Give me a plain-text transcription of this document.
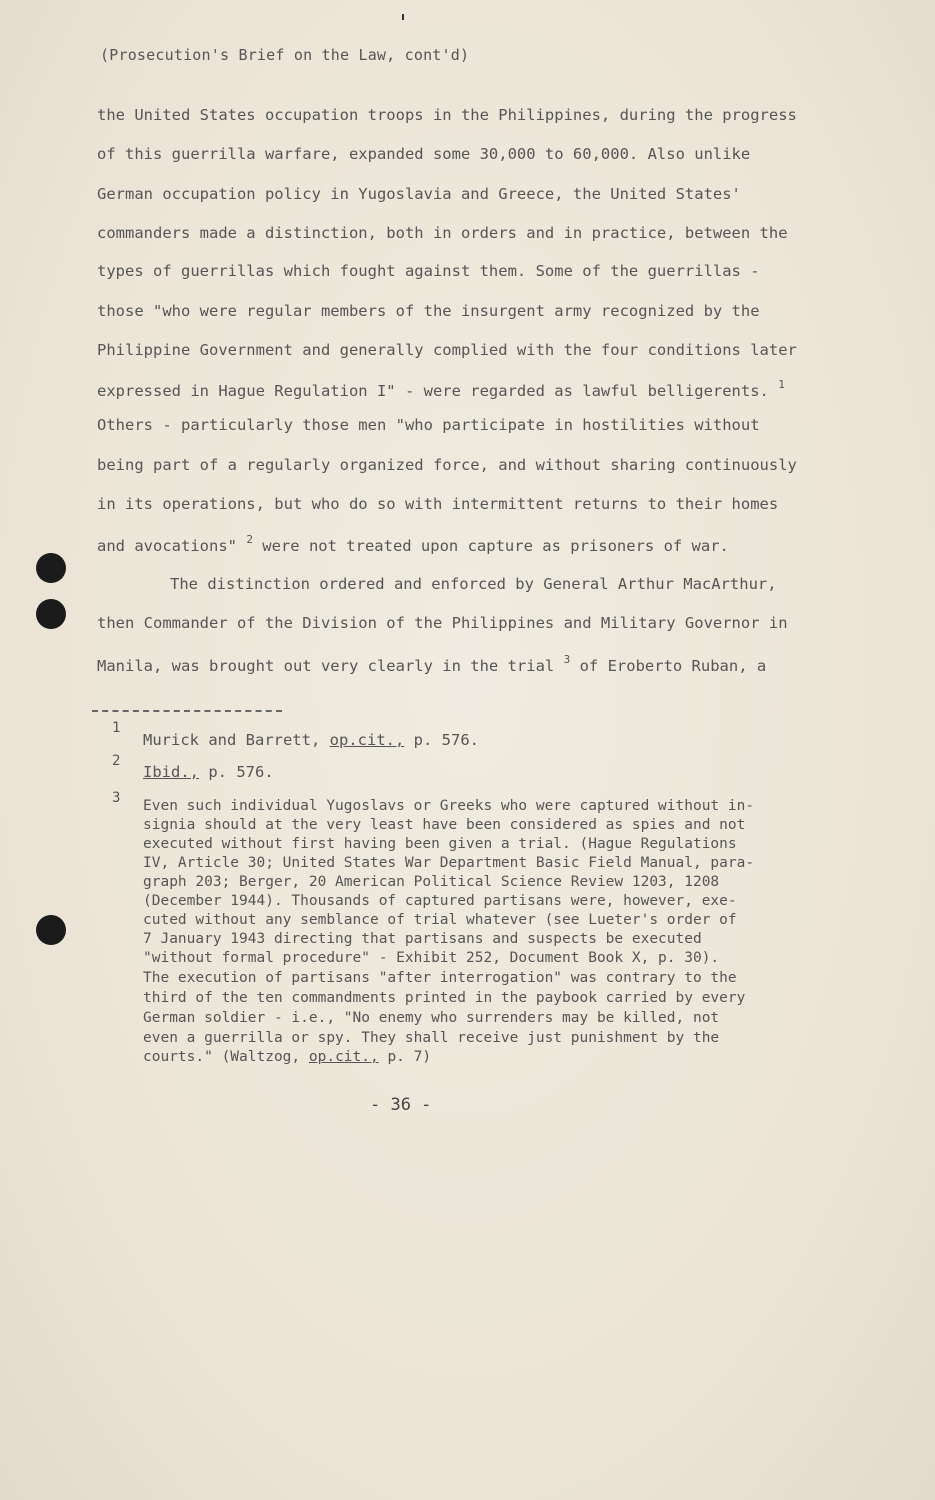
(Prosecution's Brief on the Law, cont'd)
the United States occupation troops in the Philippines, during the progress
of this guerrilla warfare, expanded some 30,000 to 60,000. Also unlike
German occupation policy in Yugoslavia and Greece, the United States'
commanders made a distinction, both in orders and in practice, between the
types of guerrillas which fought against them. Some of the guerrillas -
those "who were regular members of the insurgent army recognized by the
Philippine Government and generally complied with the four conditions later
expressed in Hague Regulation I" - were regarded as lawful belligerents. $^1$
Others - particularly those men "who participate in hostilities without
being part of a regularly organized force, and without sharing continuously
in its operations, but who do so with intermittent returns to their homes
and avocations" $^2$ were not treated upon capture as prisoners of war.
The distinction ordered and enforced by General Arthur MacArthur,
then Commander of the Division of the Philippines and Military Governor in
Manila, was brought out very clearly in the trial $^3$ of Eroberto Ruban, a
1
Murick and Barrett, op.cit., p. 576.
2
Ibid., p. 576.
3 Even such individual Yugoslavs or Greeks who were captured without in-
signia should at the very least have been considered as spies and not
executed without first having been given a trial. (Hague Regulations
IV, Article 30; United States War Department Basic Field Manual, para-
graph 203; Berger, 20 American Political Science Review 1203, 1208
(December 1944). Thousands of captured partisans were, however, exe-
cuted without any semblance of trial whatever (see Lueter's order of
7 January 1943 directing that partisans and suspects be executed
"without formal procedure" - Exhibit 252, Document Book X, p. 30).
The execution of partisans "after interrogation" was contrary to the
third of the ten commandments printed in the paybook carried by every
German soldier - i.e., "No enemy who surrenders may be killed, not
even a guerrilla or spy. They shall receive just punishment by the
courts." (Waltzog, op.cit., p. 7)
- 36 -
